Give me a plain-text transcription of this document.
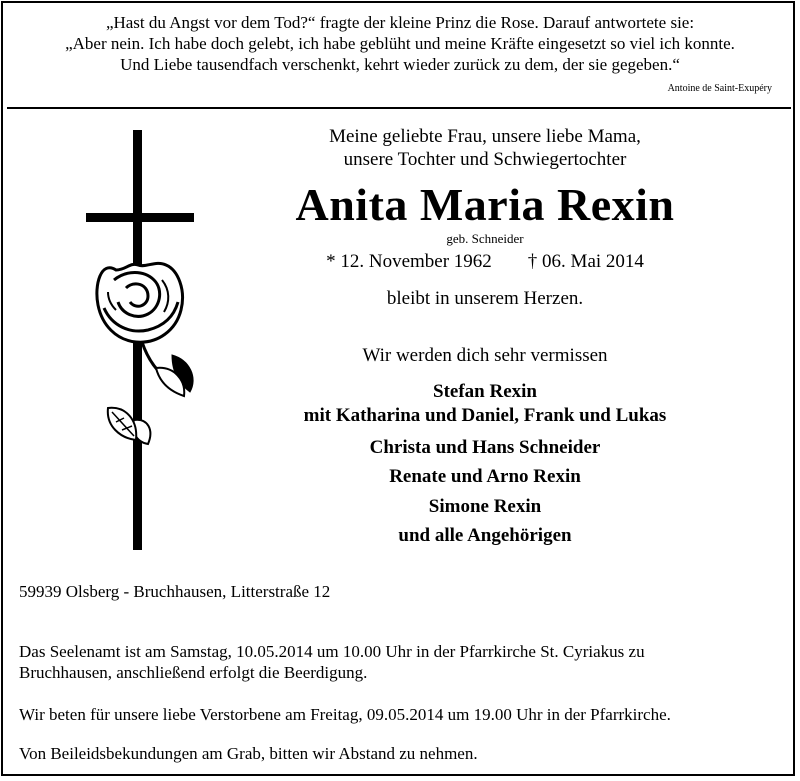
„Hast du Angst vor dem Tod?“ fragte der kleine Prinz die Rose. Darauf antwortete sie:
„Aber nein. Ich habe doch gelebt, ich habe geblüht und meine Kräfte eingesetzt so viel ich konnte.
Und Liebe tausendfach verschenkt, kehrt wieder zurück zu dem, der sie gegeben.“
Antoine de Saint-Exupéry
Meine geliebte Frau, unsere liebe Mama,
unsere Tochter und Schwiegertochter
Anita Maria Rexin
geb. Schneider
* 12. November 1962 † 06. Mai 2014
bleibt in unserem Herzen.
Wir werden dich sehr vermissen
Stefan Rexin
mit Katharina und Daniel, Frank und Lukas
Christa und Hans Schneider
Renate und Arno Rexin
Simone Rexin
und alle Angehörigen
59939 Olsberg - Bruchhausen, Litterstraße 12
Das Seelenamt ist am Samstag, 10.05.2014 um 10.00 Uhr in der Pfarrkirche St. Cyriakus zu
Bruchhausen, anschließend erfolgt die Beerdigung.
Wir beten für unsere liebe Verstorbene am Freitag, 09.05.2014 um 19.00 Uhr in der Pfarrkirche.
Von Beileidsbekundungen am Grab, bitten wir Abstand zu nehmen.
